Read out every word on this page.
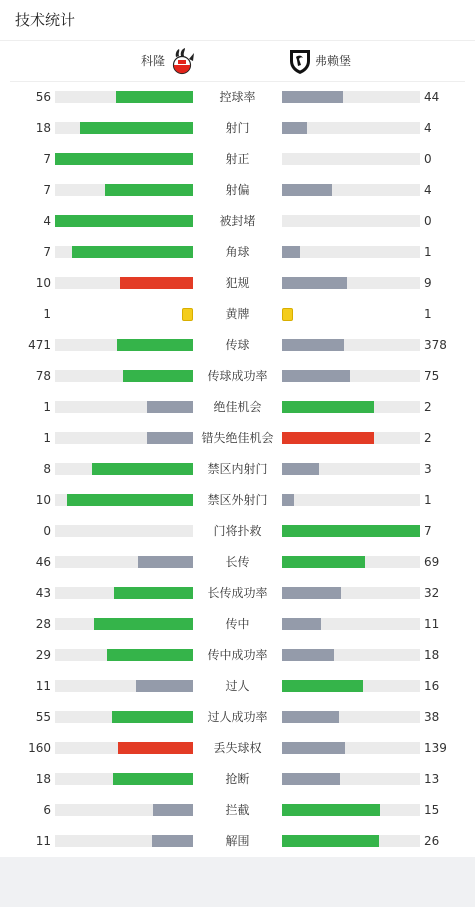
技术统计
科隆	弗赖堡
56	控球率	44
18	射门	4
7	射正	0
7	射偏	4
4	被封堵	0
7	角球	1
10	犯规	9
1	黄牌	1
471	传球	378
78	传球成功率	75
1	绝佳机会	2
1	错失绝佳机会	2
8	禁区内射门	3
10	禁区外射门	1
0	门将扑救	7
46	长传	69
43	长传成功率	32
28	传中	11
29	传中成功率	18
11	过人	16
55	过人成功率	38
160	丢失球权	139
18	抢断	13
6	拦截	15
11	解围	26
